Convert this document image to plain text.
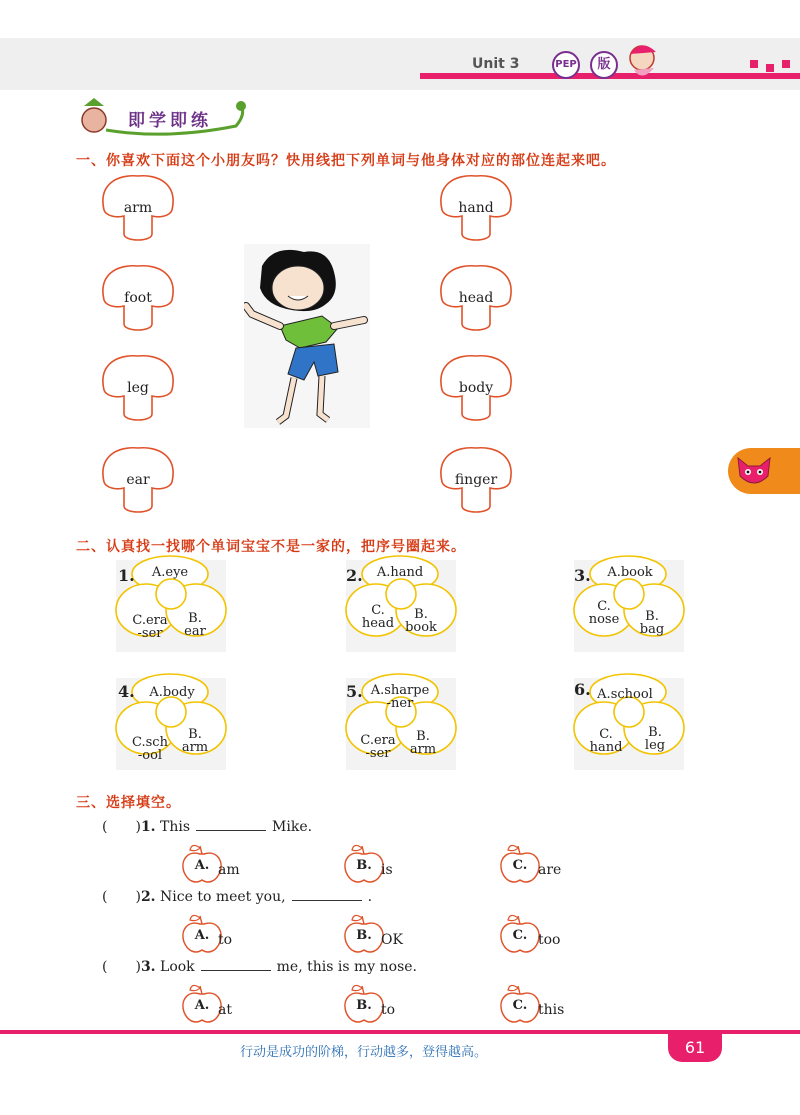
Unit 3	PEP	版
即学即练
一、你喜欢下面这个小朋友吗？快用线把下列单词与他身体对应的部位连起来吧。
arm
foot
leg
ear
hand
head
body
finger
二、认真找一找哪个单词宝宝不是一家的，把序号圈起来。
1.	A.eye
B.
ear
C.era
-ser
2.	A.hand
B.
book
C.
head
3.	A.book
B.
bag
C.
nose
4.	A.body
B.
arm
C.sch
-ool
5. A.sharpe
-ner
B.
arm
C.era
-ser
6. A.school
B.
leg
C.
hand
三、选择填空。
(　　)1. This	Mike.
A. am	B. is	C. are
(　　)2. Nice to meet you,	.
A. to	B. OK	C. too
(　　)3. Look	me, this is my nose.
A. at	B. to	C. this
行动是成功的阶梯，行动越多，登得越高。	61
